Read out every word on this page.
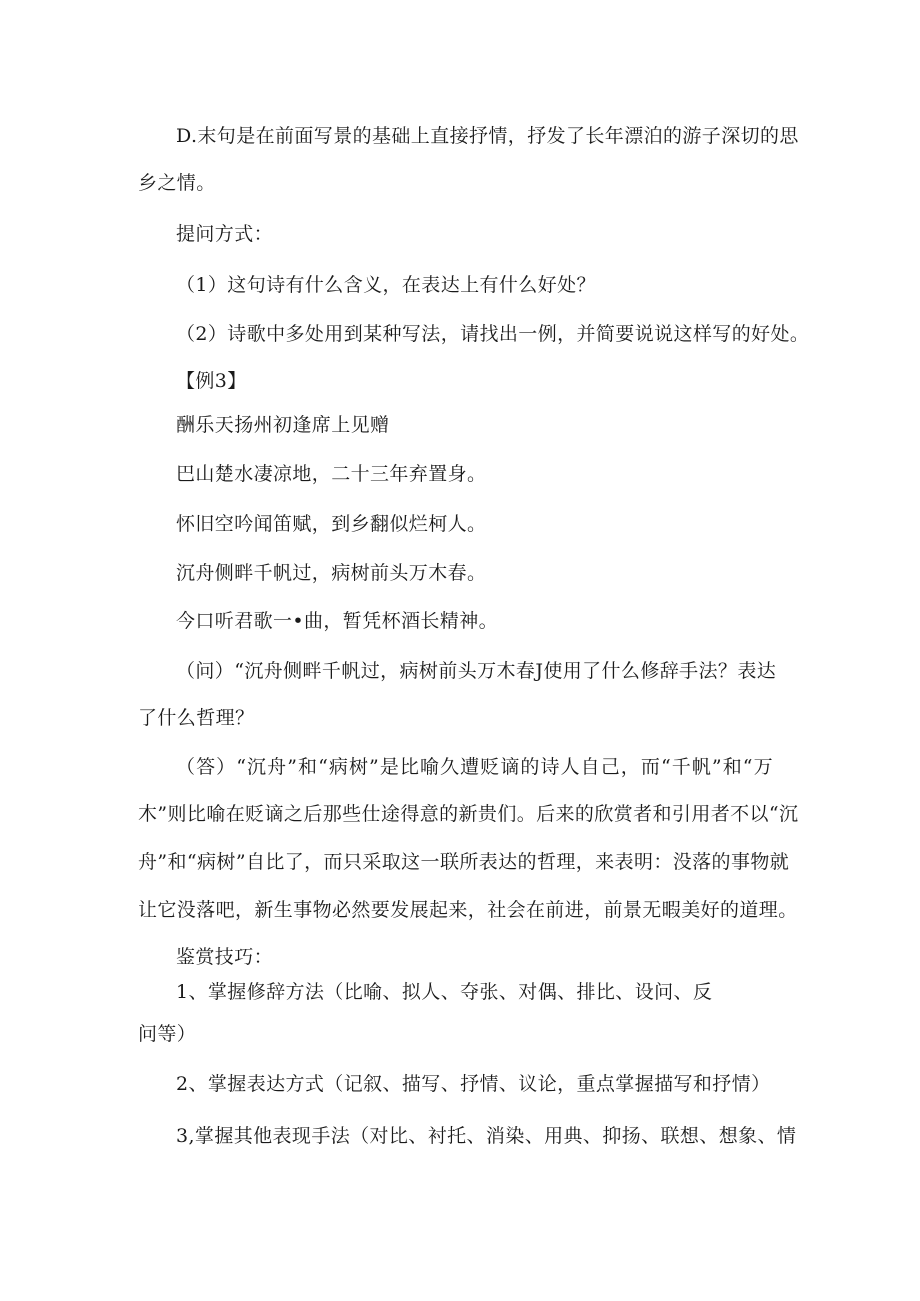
D.末句是在前面写景的基础上直接抒情，抒发了长年漂泊的游子深切的思
乡之情。
提问方式：
（1）这句诗有什么含义，在表达上有什么好处？
（2）诗歌中多处用到某种写法，请找出一例，并简要说说这样写的好处。
【例3】
酬乐天扬州初逢席上见赠
巴山楚水凄凉地，二十三年弃置身。
怀旧空吟闻笛赋，到乡翻似烂柯人。
沉舟侧畔千帆过，病树前头万木春。
今口听君歌一•曲，暂凭杯酒长精神。
（问）“沉舟侧畔千帆过，病树前头万木春J使用了什么修辞手法？表达
了什么哲理？
（答）“沉舟”和“病树”是比喻久遭贬谪的诗人自己，而“千帆”和“万
木”则比喻在贬谪之后那些仕途得意的新贵们。后来的欣赏者和引用者不以“沉
舟”和“病树”自比了，而只采取这一联所表达的哲理，来表明：没落的事物就
让它没落吧，新生事物必然要发展起来，社会在前进，前景无暇美好的道理。
鉴赏技巧：
1、掌握修辞方法（比喻、拟人、夺张、对偶、排比、设问、反
问等）
2、掌握表达方式（记叙、描写、抒情、议论，重点掌握描写和抒情）
3,掌握其他表现手法（对比、衬托、消染、用典、抑扬、联想、想象、情
